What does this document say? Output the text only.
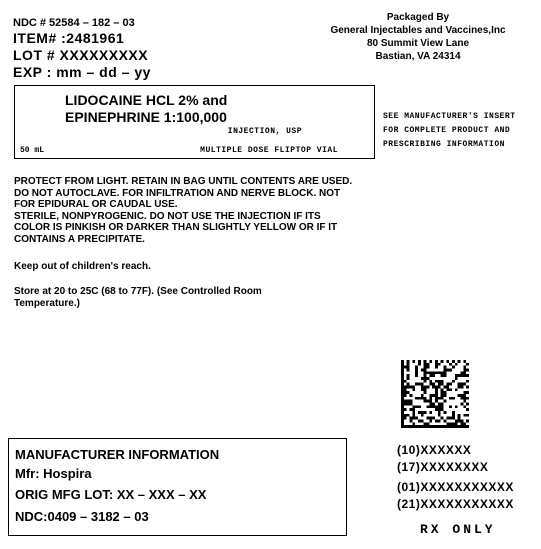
NDC # 52584 – 182 – 03
ITEM# :2481961
LOT # XXXXXXXXX
EXP : mm – dd – yy
Packaged By
General Injectables and Vaccines,Inc
80 Summit View Lane
Bastian, VA 24314
LIDOCAINE HCL 2% and
EPINEPHRINE 1:100,000
INJECTION, USP
50 mL	MULTIPLE DOSE FLIPTOP VIAL
SEE MANUFACTURER'S INSERT
FOR COMPLETE PRODUCT AND
PRESCRIBING INFORMATION

PROTECT FROM LIGHT. RETAIN IN BAG UNTIL CONTENTS ARE USED. DO NOT AUTOCLAVE. FOR INFILTRATION AND NERVE BLOCK. NOT FOR EPIDURAL OR CAUDAL USE.

STERILE, NONPYROGENIC. DO NOT USE THE INJECTION IF ITS COLOR IS PINKISH OR DARKER THAN SLIGHTLY YELLOW OR IF IT CONTAINS A PRECIPITATE.

Keep out of children's reach.
Store at 20 to 25C (68 to 77F). (See Controlled Room Temperature.)
MANUFACTURER INFORMATION
Mfr: Hospira
ORIG MFG LOT: XX – XXX – XX
NDC:0409 – 3182 – 03
(10)XXXXXX
(17)XXXXXXXX
(01)XXXXXXXXXXX
(21)XXXXXXXXXXX
RX ONLY
